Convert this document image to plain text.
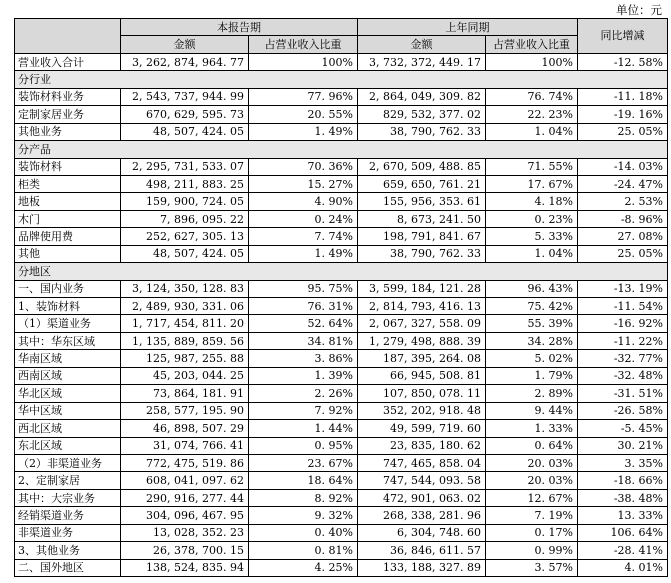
单位：元
	本报告期		上年同期		同比增减
	金额	占营业收入比重	金额	占营业收入比重	
营业收入合计	3, 262, 874, 964. 77	100%	3, 732, 372, 449. 17	100%	-12. 58%
分行业					
装饰材料业务	2, 543, 737, 944. 99	77. 96%	2, 864, 049, 309. 82	76. 74%	-11. 18%
定制家居业务	670, 629, 595. 73	20. 55%	829, 532, 377. 02	22. 23%	-19. 16%
其他业务	48, 507, 424. 05	1. 49%	38, 790, 762. 33	1. 04%	25. 05%
分产品					
装饰材料	2, 295, 731, 533. 07	70. 36%	2, 670, 509, 488. 85	71. 55%	-14. 03%
柜类	498, 211, 883. 25	15. 27%	659, 650, 761. 21	17. 67%	-24. 47%
地板	159, 900, 724. 05	4. 90%	155, 956, 353. 61	4. 18%	2. 53%
木门	7, 896, 095. 22	0. 24%	8, 673, 241. 50	0. 23%	-8. 96%
品牌使用费	252, 627, 305. 13	7. 74%	198, 791, 841. 67	5. 33%	27. 08%
其他	48, 507, 424. 05	1. 49%	38, 790, 762. 33	1. 04%	25. 05%
分地区					
一、国内业务	3, 124, 350, 128. 83	95. 75%	3, 599, 184, 121. 28	96. 43%	-13. 19%
1、装饰材料	2, 489, 930, 331. 06	76. 31%	2, 814, 793, 416. 13	75. 42%	-11. 54%
（1）渠道业务	1, 717, 454, 811. 20	52. 64%	2, 067, 327, 558. 09	55. 39%	-16. 92%
其中：华东区域	1, 135, 889, 859. 56	34. 81%	1, 279, 498, 888. 39	34. 28%	-11. 22%
华南区域	125, 987, 255. 88	3. 86%	187, 395, 264. 08	5. 02%	-32. 77%
西南区域	45, 203, 044. 25	1. 39%	66, 945, 508. 81	1. 79%	-32. 48%
华北区域	73, 864, 181. 91	2. 26%	107, 850, 078. 11	2. 89%	-31. 51%
华中区域	258, 577, 195. 90	7. 92%	352, 202, 918. 48	9. 44%	-26. 58%
西北区域	46, 898, 507. 29	1. 44%	49, 599, 719. 60	1. 33%	-5. 45%
东北区域	31, 074, 766. 41	0. 95%	23, 835, 180. 62	0. 64%	30. 21%
（2）非渠道业务	772, 475, 519. 86	23. 67%	747, 465, 858. 04	20. 03%	3. 35%
2、定制家居	608, 041, 097. 62	18. 64%	747, 544, 093. 58	20. 03%	-18. 66%
其中：大宗业务	290, 916, 277. 44	8. 92%	472, 901, 063. 02	12. 67%	-38. 48%
经销渠道业务	304, 096, 467. 95	9. 32%	268, 338, 281. 96	7. 19%	13. 33%
非渠道业务	13, 028, 352. 23	0. 40%	6, 304, 748. 60	0. 17%	106. 64%
3、其他业务	26, 378, 700. 15	0. 81%	36, 846, 611. 57	0. 99%	-28. 41%
二、国外地区	138, 524, 835. 94	4. 25%	133, 188, 327. 89	3. 57%	4. 01%
